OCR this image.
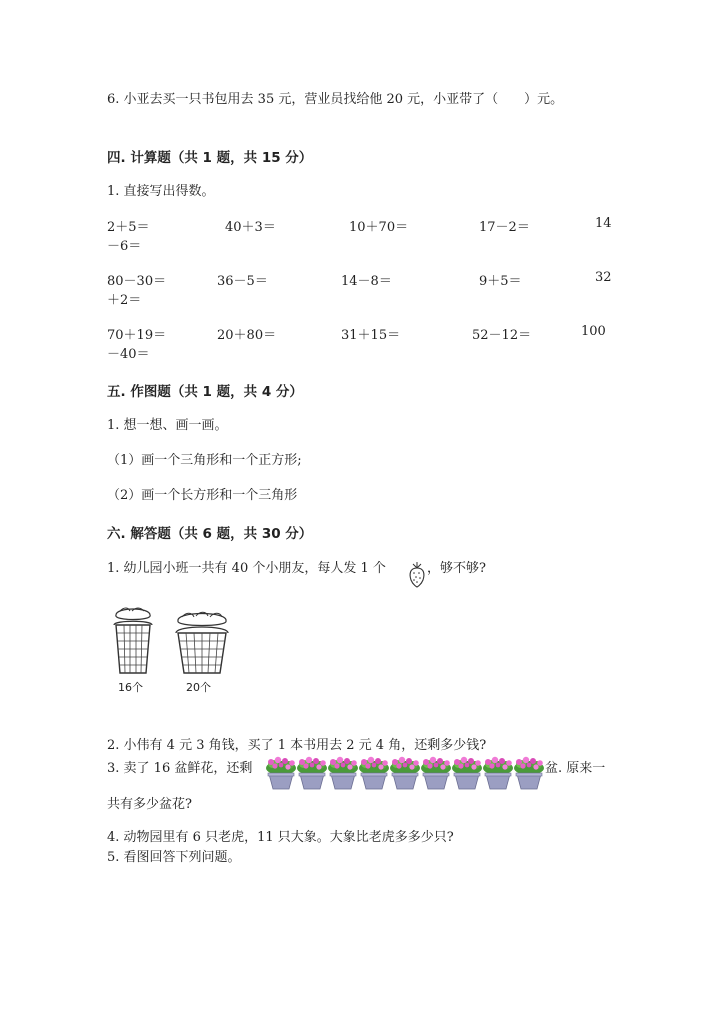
6. 小亚去买一只书包用去 35 元，营业员找给他 20 元，小亚带了（　　）元。
四. 计算题（共 1 题，共 15 分）
1. 直接写出得数。
2＋5＝	40＋3＝	10＋70＝	17－2＝	14
－6＝
80－30＝	36－5＝	14－8＝	9＋5＝	32
＋2＝
70＋19＝	20＋80＝	31＋15＝	52－12＝	100
－40＝
五. 作图题（共 1 题，共 4 分）
1. 想一想、画一画。
（1）画一个三角形和一个正方形;
（2）画一个长方形和一个三角形
六. 解答题（共 6 题，共 30 分）
1. 幼儿园小班一共有 40 个小朋友，每人发 1 个	，够不够?
16个	20个
2. 小伟有 4 元 3 角钱，买了 1 本书用去 2 元 4 角，还剩多少钱?
3. 卖了 16 盆鲜花，还剩	盆. 原来一
共有多少盆花?
4. 动物园里有 6 只老虎，11 只大象。大象比老虎多多少只?
5. 看图回答下列问题。
